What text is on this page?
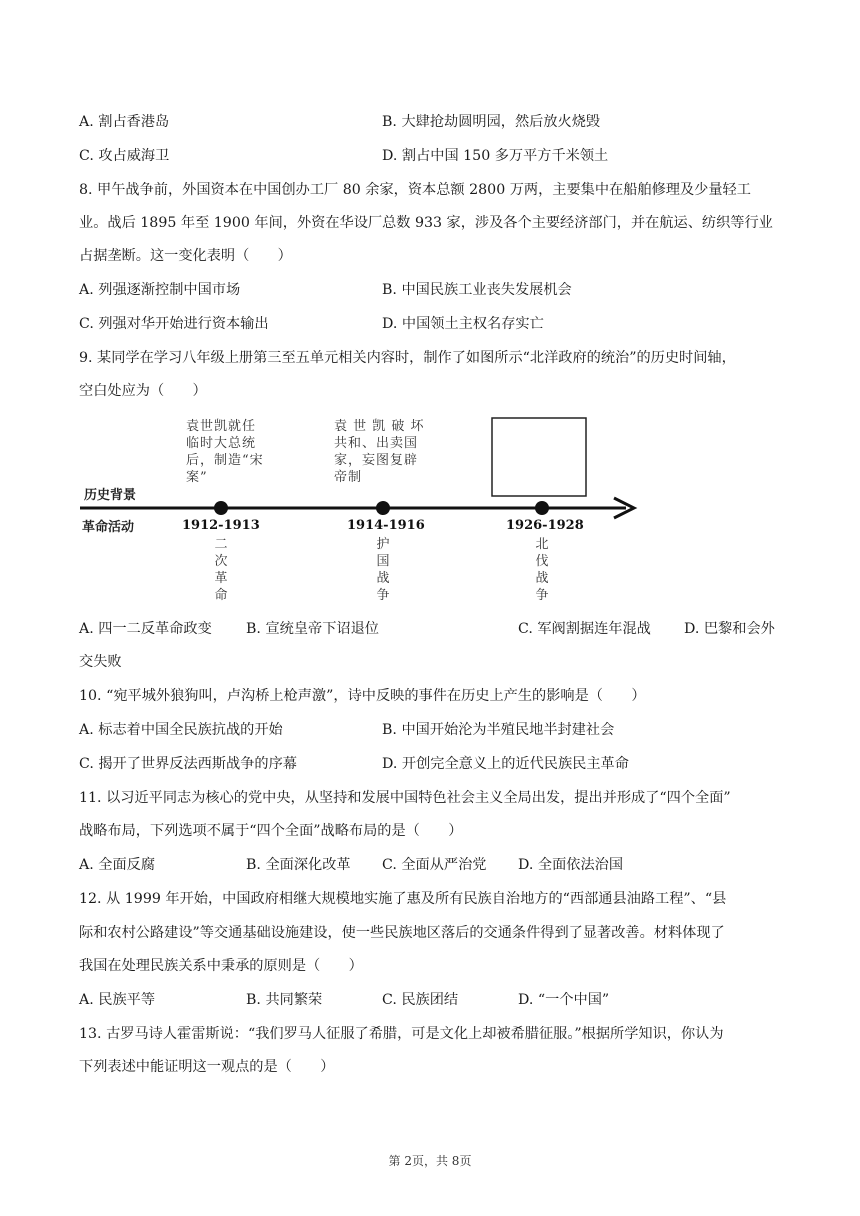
A. 割占香港岛	B. 大肆抢劫圆明园，然后放火烧毁
C. 攻占威海卫	D. 割占中国 150 多万平方千米领土
8. 甲午战争前，外国资本在中国创办工厂 80 余家，资本总额 2800 万两，主要集中在船舶修理及少量轻工
业。战后 1895 年至 1900 年间，外资在华设厂总数 933 家，涉及各个主要经济部门，并在航运、纺织等行业
占据垄断。这一变化表明（　　）
A. 列强逐渐控制中国市场	B. 中国民族工业丧失发展机会
C. 列强对华开始进行资本输出	D. 中国领土主权名存实亡
9. 某同学在学习八年级上册第三至五单元相关内容时，制作了如图所示“北洋政府的统治”的历史时间轴，
空白处应为（　　）
历史背景
革命活动
袁世凯就任
临时大总统
后，制造“宋
案”
袁 世 凯 破 坏
共和、出卖国
家，妄图复辟
帝制
1912-1913	1914-1916	1926-1928
二次革命
护国战争
北伐战争
A. 四一二反革命政变 B. 宣统皇帝下诏退位	C. 军阀割据连年混战 D. 巴黎和会外
交失败
10. “宛平城外狼狗叫，卢沟桥上枪声激”，诗中反映的事件在历史上产生的影响是（　　）
A. 标志着中国全民族抗战的开始	B. 中国开始沦为半殖民地半封建社会
C. 揭开了世界反法西斯战争的序幕	D. 开创完全意义上的近代民族民主革命
11. 以习近平同志为核心的党中央，从坚持和发展中国特色社会主义全局出发，提出并形成了“四个全面”
战略布局，下列选项不属于“四个全面”战略布局的是（　　）
A. 全面反腐	B. 全面深化改革 C. 全面从严治党 D. 全面依法治国
12. 从 1999 年开始，中国政府相继大规模地实施了惠及所有民族自治地方的“西部通县油路工程”、“县
际和农村公路建设”等交通基础设施建设，使一些民族地区落后的交通条件得到了显著改善。材料体现了
我国在处理民族关系中秉承的原则是（　　）
A. 民族平等	B. 共同繁荣	C. 民族团结	D. “一个中国”
13. 古罗马诗人霍雷斯说：“我们罗马人征服了希腊，可是文化上却被希腊征服。”根据所学知识，你认为
下列表述中能证明这一观点的是（　　）
第 2页，共 8页
